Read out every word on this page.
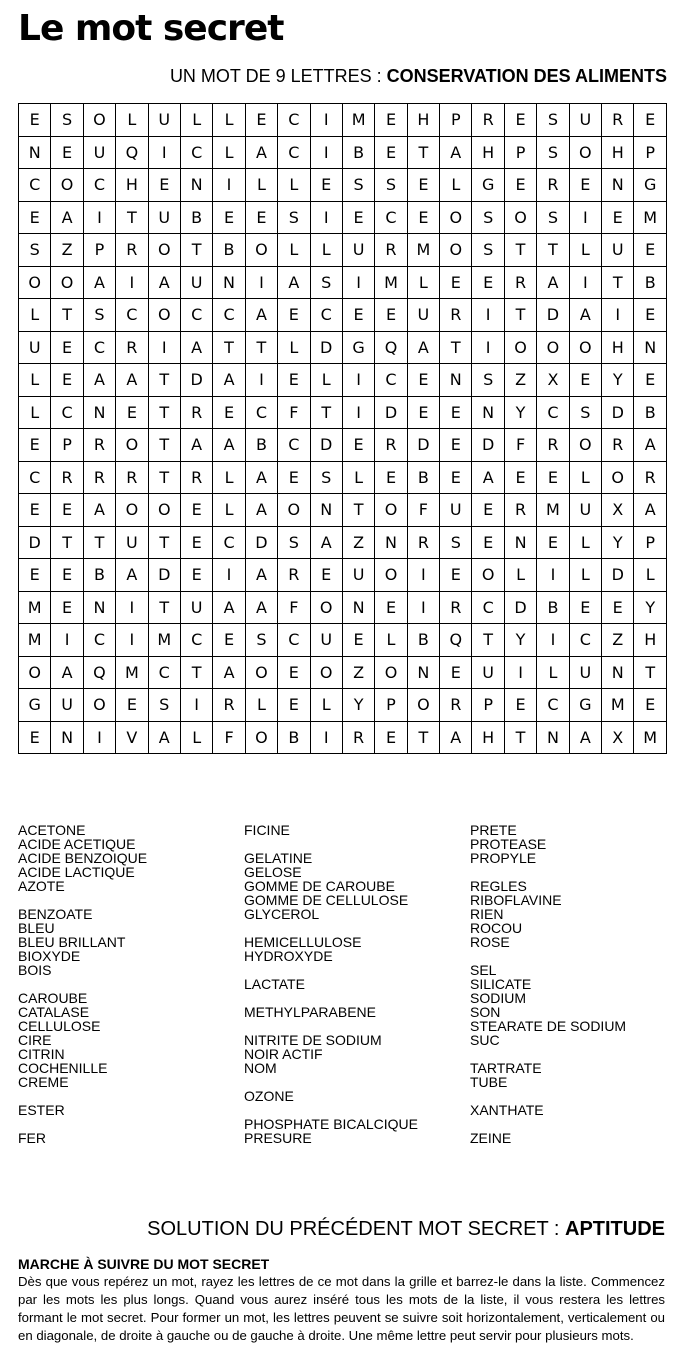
Le mot secret
UN MOT DE 9 LETTRES : CONSERVATION DES ALIMENTS
E	S	O	L	U	L	L	E	C	I	M	E	H	P	R	E	S	U	R	E
N	E	U	Q	I	C	L	A	C	I	B	E	T	A	H	P	S	O	H	P
C	O	C	H	E	N	I	L	L	E	S	S	E	L	G	E	R	E	N	G
E	A	I	T	U	B	E	E	S	I	E	C	E	O	S	O	S	I	E	M
S	Z	P	R	O	T	B	O	L	L	U	R	M	O	S	T	T	L	U	E
O	O	A	I	A	U	N	I	A	S	I	M	L	E	E	R	A	I	T	B
L	T	S	C	O	C	C	A	E	C	E	E	U	R	I	T	D	A	I	E
U	E	C	R	I	A	T	T	L	D	G	Q	A	T	I	O	O	O	H	N
L	E	A	A	T	D	A	I	E	L	I	C	E	N	S	Z	X	E	Y	E
L	C	N	E	T	R	E	C	F	T	I	D	E	E	N	Y	C	S	D	B
E	P	R	O	T	A	A	B	C	D	E	R	D	E	D	F	R	O	R	A
C	R	R	R	T	R	L	A	E	S	L	E	B	E	A	E	E	L	O	R
E	E	A	O	O	E	L	A	O	N	T	O	F	U	E	R	M	U	X	A
D	T	T	U	T	E	C	D	S	A	Z	N	R	S	E	N	E	L	Y	P
E	E	B	A	D	E	I	A	R	E	U	O	I	E	O	L	I	L	D	L
M	E	N	I	T	U	A	A	F	O	N	E	I	R	C	D	B	E	E	Y
M	I	C	I	M	C	E	S	C	U	E	L	B	Q	T	Y	I	C	Z	H
O	A	Q	M	C	T	A	O	E	O	Z	O	N	E	U	I	L	U	N	T
G	U	O	E	S	I	R	L	E	L	Y	P	O	R	P	E	C	G	M	E
E	N	I	V	A	L	F	O	B	I	R	E	T	A	H	T	N	A	X	M
ACETONE
ACIDE ACETIQUE
ACIDE BENZOIQUE
ACIDE LACTIQUE
AZOTE
BENZOATE
BLEU
BLEU BRILLANT
BIOXYDE
BOIS
CAROUBE
CATALASE
CELLULOSE
CIRE
CITRIN
COCHENILLE
CREME
ESTER
FER
FICINE
GELATINE
GELOSE
GOMME DE CAROUBE
GOMME DE CELLULOSE
GLYCEROL
HEMICELLULOSE
HYDROXYDE
LACTATE
METHYLPARABENE
NITRITE DE SODIUM
NOIR ACTIF
NOM
OZONE
PHOSPHATE BICALCIQUE
PRESURE
PRETE
PROTEASE
PROPYLE
REGLES
RIBOFLAVINE
RIEN
ROCOU
ROSE
SEL
SILICATE
SODIUM
SON
STEARATE DE SODIUM
SUC
TARTRATE
TUBE
XANTHATE
ZEINE
SOLUTION DU PRÉCÉDENT MOT SECRET : APTITUDE
MARCHE À SUIVRE DU MOT SECRET
Dès que vous repérez un mot, rayez les lettres de ce mot dans la grille et barrez-le dans la liste. Commencez par les mots les plus longs. Quand vous aurez inséré tous les mots de la liste, il vous restera les lettres formant le mot secret. Pour former un mot, les lettres peuvent se suivre soit horizontalement, verticalement ou en diagonale, de droite à gauche ou de gauche à droite. Une même lettre peut servir pour plusieurs mots.
